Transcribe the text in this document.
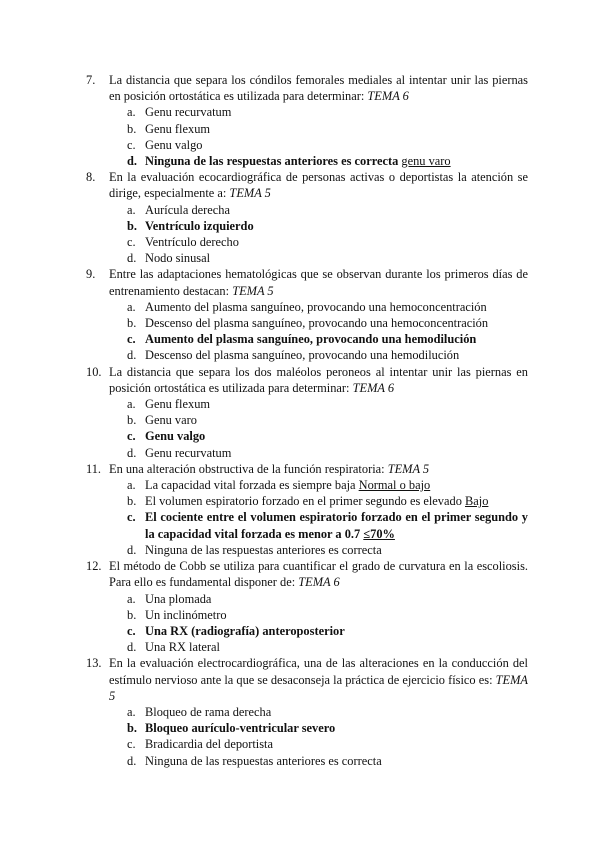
7.	La distancia que separa los cóndilos femorales mediales al intentar unir las piernas en posición ortostática es utilizada para determinar: TEMA 6
a. Genu recurvatum
b. Genu flexum
c. Genu valgo
d. Ninguna de las respuestas anteriores es correcta genu varo
8.	En la evaluación ecocardiográfica de personas activas o deportistas la atención se dirige, especialmente a: TEMA 5
a. Aurícula derecha
b. Ventrículo izquierdo
c. Ventrículo derecho
d. Nodo sinusal
9.	Entre las adaptaciones hematológicas que se observan durante los primeros días de entrenamiento destacan: TEMA 5
a. Aumento del plasma sanguíneo, provocando una hemoconcentración
b. Descenso del plasma sanguíneo, provocando una hemoconcentración
c. Aumento del plasma sanguíneo, provocando una hemodilución
d. Descenso del plasma sanguíneo, provocando una hemodilución
10. La distancia que separa los dos maléolos peroneos al intentar unir las piernas en posición ortostática es utilizada para determinar: TEMA 6
a. Genu flexum
b. Genu varo
c. Genu valgo
d. Genu recurvatum
11. En una alteración obstructiva de la función respiratoria: TEMA 5
a. La capacidad vital forzada es siempre baja Normal o bajo
b. El volumen espiratorio forzado en el primer segundo es elevado Bajo
c. El cociente entre el volumen espiratorio forzado en el primer segundo y la capacidad vital forzada es menor a 0.7 ≤70%
d. Ninguna de las respuestas anteriores es correcta
12. El método de Cobb se utiliza para cuantificar el grado de curvatura en la escoliosis. Para ello es fundamental disponer de: TEMA 6
a. Una plomada
b. Un inclinómetro
c. Una RX (radiografía) anteroposterior
d. Una RX lateral
13. En la evaluación electrocardiográfica, una de las alteraciones en la conducción del estímulo nervioso ante la que se desaconseja la práctica de ejercicio físico es: TEMA 5
a. Bloqueo de rama derecha
b. Bloqueo aurículo-ventricular severo
c. Bradicardia del deportista
d. Ninguna de las respuestas anteriores es correcta
